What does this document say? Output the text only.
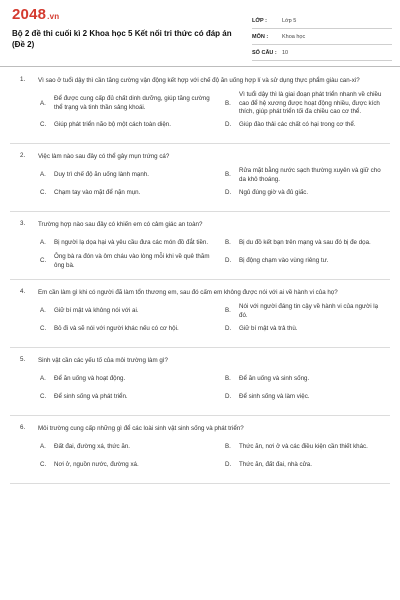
2048.vn
Bộ 2 đề thi cuối kì 2 Khoa học 5 Kết nối tri thức có đáp án (Đề 2)
LỚP :	Lớp 5
MÔN :	Khoa học
SỐ CÂU : 10
1. Vì sao ở tuổi dậy thì cần tăng cường vận động kết hợp với chế độ ăn uống hợp lí và sử dụng thực phẩm giàu can-xi?
A.
Để được cung cấp đủ chất dinh dưỡng, giúp tăng cường thể trạng và tinh thần sảng khoái.
B.
Vì tuổi dậy thì là giai đoạn phát triển nhanh về chiều cao để hệ xương được hoạt động nhiều, được kích thích, giúp phát triển tối đa chiều cao cơ thể.
C.	Giúp phát triển não bộ một cách toàn diện.	D.	Giúp đào thải các chất có hại trong cơ thể.
2. Việc làm nào sau đây có thể gây mụn trứng cá?
A.	Duy trì chế độ ăn uống lành mạnh.	B.
Rửa mặt bằng nước sạch thường xuyên và giữ cho da khô thoáng.
C.	Chạm tay vào mặt để nặn mụn.	D.	Ngủ đúng giờ và đủ giấc.
3. Trường hợp nào sau đây có khiến em có cảm giác an toàn?
A.	Bị người lạ dọa hại và yêu cầu đưa các món đồ đắt tiền.	B.	Bị du đồ kết bạn trên mạng và sau đó bị đe dọa.
C.
Ông bà ra đón và ôm cháu vào lòng mỗi khi về quê thăm ông bà.
D.	Bị động chạm vào vùng riêng tư.
4. Em cần làm gì khi có người đã làm tổn thương em, sau đó cấm em không được nói với ai về hành vi của họ?
A.	Giữ bí mật và không nói với ai.	B.
Nói với người đáng tin cậy về hành vi của người lạ đó.
C.	Bỏ đi và sẽ nói với người khác nếu có cơ hội.	D.	Giữ bí mật và trả thù.
5. Sinh vật cần các yếu tố của môi trường làm gì?
A.	Để ăn uống và hoạt động.	B.	Để ăn uống và sinh sống.
C.	Để sinh sống và phát triển.	D.	Để sinh sống và làm việc.
6. Môi trường cung cấp những gì để các loài sinh vật sinh sống và phát triển?
A.	Đất đai, đường xá, thức ăn.	B.	Thức ăn, nơi ở và các điều kiện cần thiết khác.
C.	Nơi ở, nguồn nước, đường xá.	D.	Thức ăn, đất đai, nhà cửa.
